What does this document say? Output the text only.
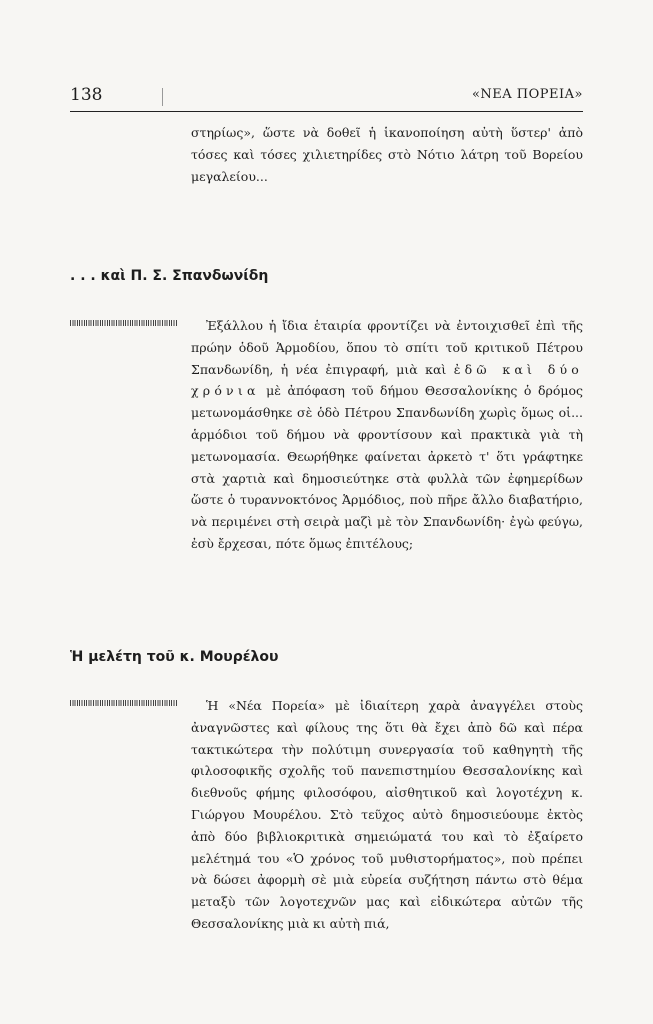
138	«ΝΕΑ ΠΟΡΕΙΑ»

στηρίως», ὥστε νὰ δοθεῖ ἡ ἱκανοποίηση αὐτὴ ὕστερ' ἀπὸ τόσες καὶ τόσες χιλιετηρίδες στὸ Νότιο λάτρη τοῦ Βορείου μεγαλείου...

. . . καὶ Π. Σ. Σπανδωνίδη

Ἐξάλλου ἡ ἴδια ἑταιρία φροντίζει νὰ ἐντοιχισθεῖ ἐπὶ τῆς πρώην ὁδοῦ Ἁρμοδίου, ὅπου τὸ σπίτι τοῦ κριτικοῦ Πέτρου Σπανδωνίδη, ἡ νέα ἐπιγραφή, μιὰ καὶ ἐδῶ καὶ δύο χρόνια μὲ ἀπόφαση τοῦ δήμου Θεσσαλονίκης ὁ δρόμος μετωνομάσθηκε σὲ ὁδὸ Πέτρου Σπανδωνίδη χωρὶς ὅμως οἱ... ἁρμόδιοι τοῦ δήμου νὰ φροντίσουν καὶ πρακτικὰ γιὰ τὴ μετωνομασία. Θεωρήθηκε φαίνεται ἀρκετὸ τ' ὅτι γράφτηκε στὰ χαρτιὰ καὶ δημοσιεύτηκε στὰ φυλλὰ τῶν ἐφημερίδων ὥστε ὁ τυραννοκτόνος Ἁρμόδιος, ποὺ πῆρε ἄλλο διαβατήριο, νὰ περιμένει στὴ σειρὰ μαζὶ μὲ τὸν Σπανδωνίδη· ἐγὼ φεύγω, ἐσὺ ἔρχεσαι, πότε ὅμως ἐπιτέλους;

Ἡ μελέτη τοῦ κ. Μουρέλου

Ἡ «Νέα Πορεία» μὲ ἰδιαίτερη χαρὰ ἀναγγέλει στοὺς ἀναγνῶστες καὶ φίλους της ὅτι θὰ ἔχει ἀπὸ δῶ καὶ πέρα τακτικώτερα τὴν πολύτιμη συνεργασία τοῦ καθηγητὴ τῆς φιλοσοφικῆς σχολῆς τοῦ πανεπιστημίου Θεσσαλονίκης καὶ διεθνοῦς φήμης φιλοσόφου, αἰσθητικοῦ καὶ λογοτέχνη κ. Γιώργου Μουρέλου. Στὸ τεῦχος αὐτὸ δημοσιεύουμε ἐκτὸς ἀπὸ δύο βιβλιοκριτικὰ σημειώματά του καὶ τὸ ἐξαίρετο μελέτημά του «Ὁ χρόνος τοῦ μυθιστορήματος», ποὺ πρέπει νὰ δώσει ἀφορμὴ σὲ μιὰ εὐρεία συζήτηση πάντω στὸ θέμα μεταξὺ τῶν λογοτεχνῶν μας καὶ εἰδικώτερα αὐτῶν τῆς Θεσσαλονίκης μιὰ κι αὐτὴ πιά,
